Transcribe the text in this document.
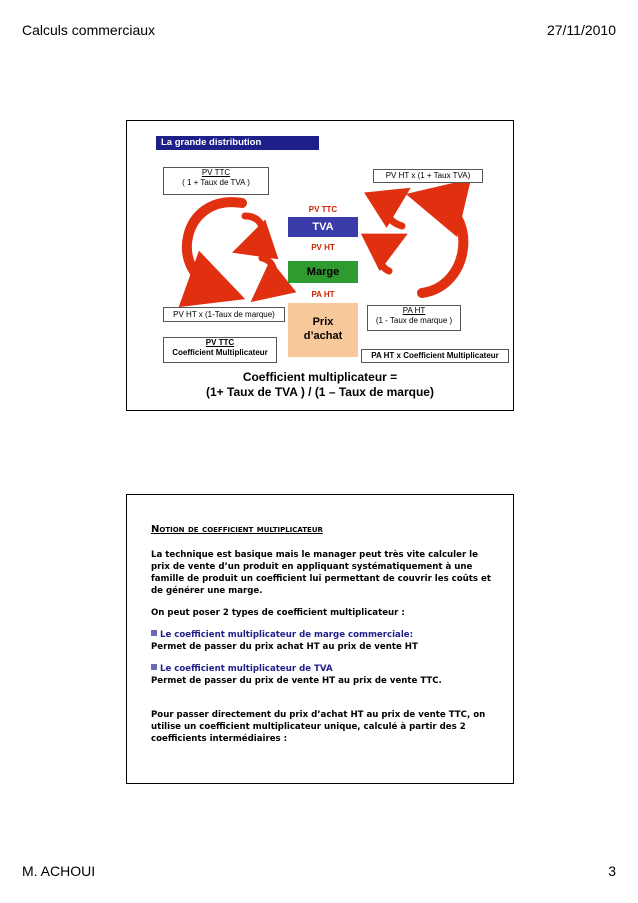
Calculs commerciaux	27/11/2010
La grande distribution
PV TTC
( 1 + Taux de TVA )
PV HT x (1 + Taux TVA)
PV HT x (1-Taux de marque)	PA HT
(1 - Taux de marque )
PV TTC
Coefficient Multiplicateur	PA HT x Coefficient Multiplicateur
PV TTC
TVA
PV HT
Marge
PA HT
Prix
d’achat
Coefficient multiplicateur =
(1+ Taux de TVA ) / (1 – Taux de marque)
Notion de coefficient multiplicateur
La technique est basique mais le manager peut très vite calculer le prix de vente d’un produit en appliquant systématiquement à une famille de produit un coefficient lui permettant de couvrir les coûts et de générer une marge.
On peut poser 2 types de coefficient multiplicateur :
Le coefficient multiplicateur de marge commerciale:
Permet de passer du prix achat HT au prix de vente HT
Le coefficient multiplicateur de TVA
Permet de passer du prix de vente HT au prix de vente TTC.
Pour passer directement du prix d’achat HT au prix de vente TTC, on utilise un coefficient multiplicateur unique, calculé à partir des 2 coefficients intermédiaires :
M. ACHOUI	3
